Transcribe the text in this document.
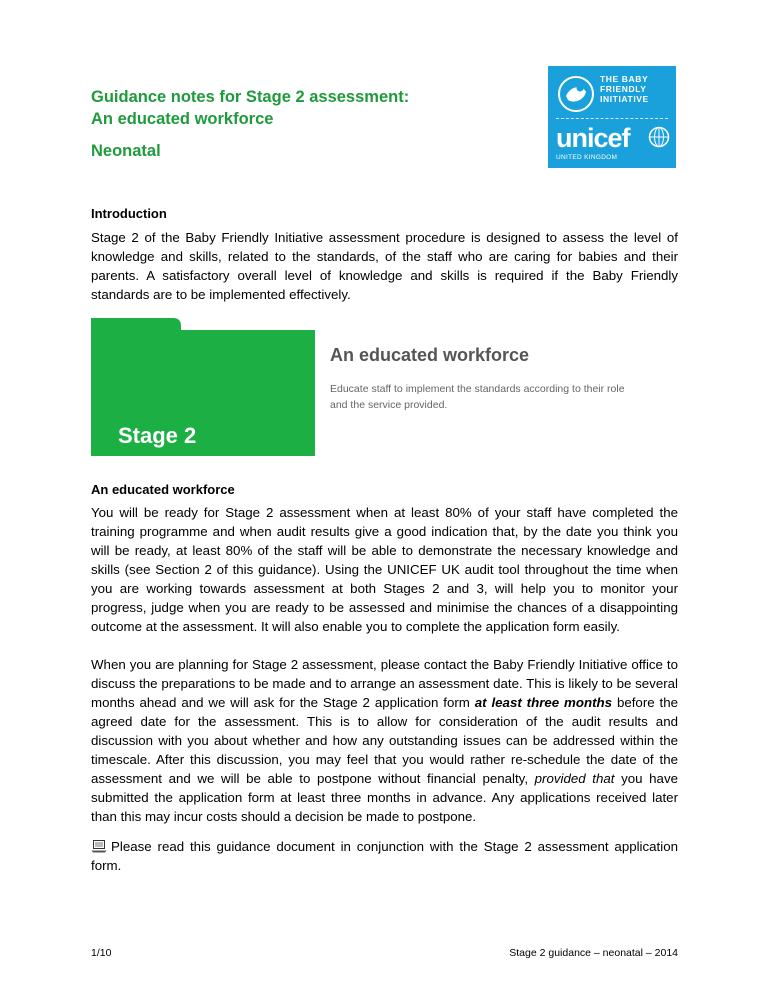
Guidance notes for Stage 2 assessment:
An educated workforce
Neonatal
THE BABY
FRIENDLY
INITIATIVE
unicef
UNITED KINGDOM
Introduction
Stage 2 of the Baby Friendly Initiative assessment procedure is designed to assess the level of knowledge and skills, related to the standards, of the staff who are caring for babies and their parents. A satisfactory overall level of knowledge and skills is required if the Baby Friendly standards are to be implemented effectively.
Stage 2
An educated workforce
Educate staff to implement the standards according to their role and the service provided.
An educated workforce
You will be ready for Stage 2 assessment when at least 80% of your staff have completed the training programme and when audit results give a good indication that, by the date you think you will be ready, at least 80% of the staff will be able to demonstrate the necessary knowledge and skills (see Section 2 of this guidance). Using the UNICEF UK audit tool throughout the time when you are working towards assessment at both Stages 2 and 3, will help you to monitor your progress, judge when you are ready to be assessed and minimise the chances of a disappointing outcome at the assessment. It will also enable you to complete the application form easily.
When you are planning for Stage 2 assessment, please contact the Baby Friendly Initiative office to discuss the preparations to be made and to arrange an assessment date. This is likely to be several months ahead and we will ask for the Stage 2 application form at least three months before the agreed date for the assessment. This is to allow for consideration of the audit results and discussion with you about whether and how any outstanding issues can be addressed within the timescale. After this discussion, you may feel that you would rather re-schedule the date of the assessment and we will be able to postpone without financial penalty, provided that you have submitted the application form at least three months in advance. Any applications received later than this may incur costs should a decision be made to postpone.
Please read this guidance document in conjunction with the Stage 2 assessment application form.
1/10	Stage 2 guidance – neonatal – 2014
